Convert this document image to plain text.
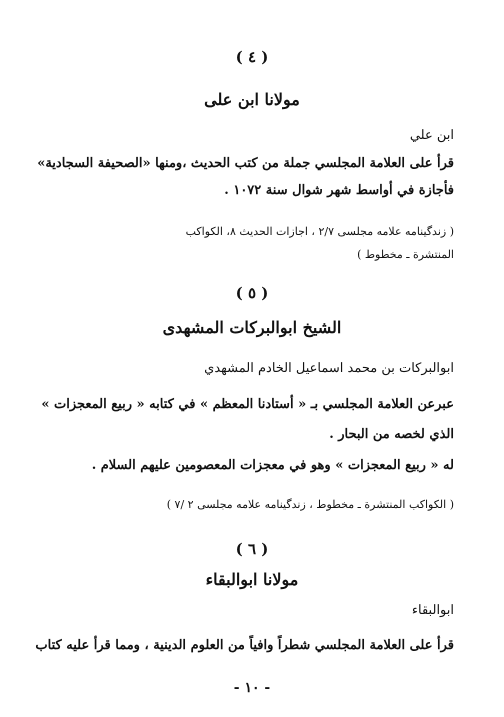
( ٤ )
مولانا ابن على
ابن علي
قرأ على العلامة المجلسي جملة من كتب الحديث ،ومنها «الصحيفة السجادية»
فأجازة في أواسط شهر شوال سنة ١٠٧٢ .
( زندگينامه علامه مجلسى ٢/٧ ، اجازات الحديث ٨، الكواكب
المنتشرة ـ مخطوط )
( ٥ )
الشيخ ابوالبركات المشهدى
ابوالبركات بن محمد اسماعيل الخادم المشهدي
عبرعن العلامة المجلسي بـ « أستادنا المعظم » في كتابه « ربيع المعجزات »
الذي لخصه من البحار .
له « ربيع المعجزات » وهو في معجزات المعصومين عليهم السلام .
( الكواكب المنتشرة ـ مخطوط ، زندگينامه علامه مجلسى ٢ /٧ )
( ٦ )
مولانا ابوالبقاء
ابوالبقاء
قرأ على العلامة المجلسي شطراً وافياً من العلوم الدينية ، ومما قرأ عليه كتاب
- ١٠ -
